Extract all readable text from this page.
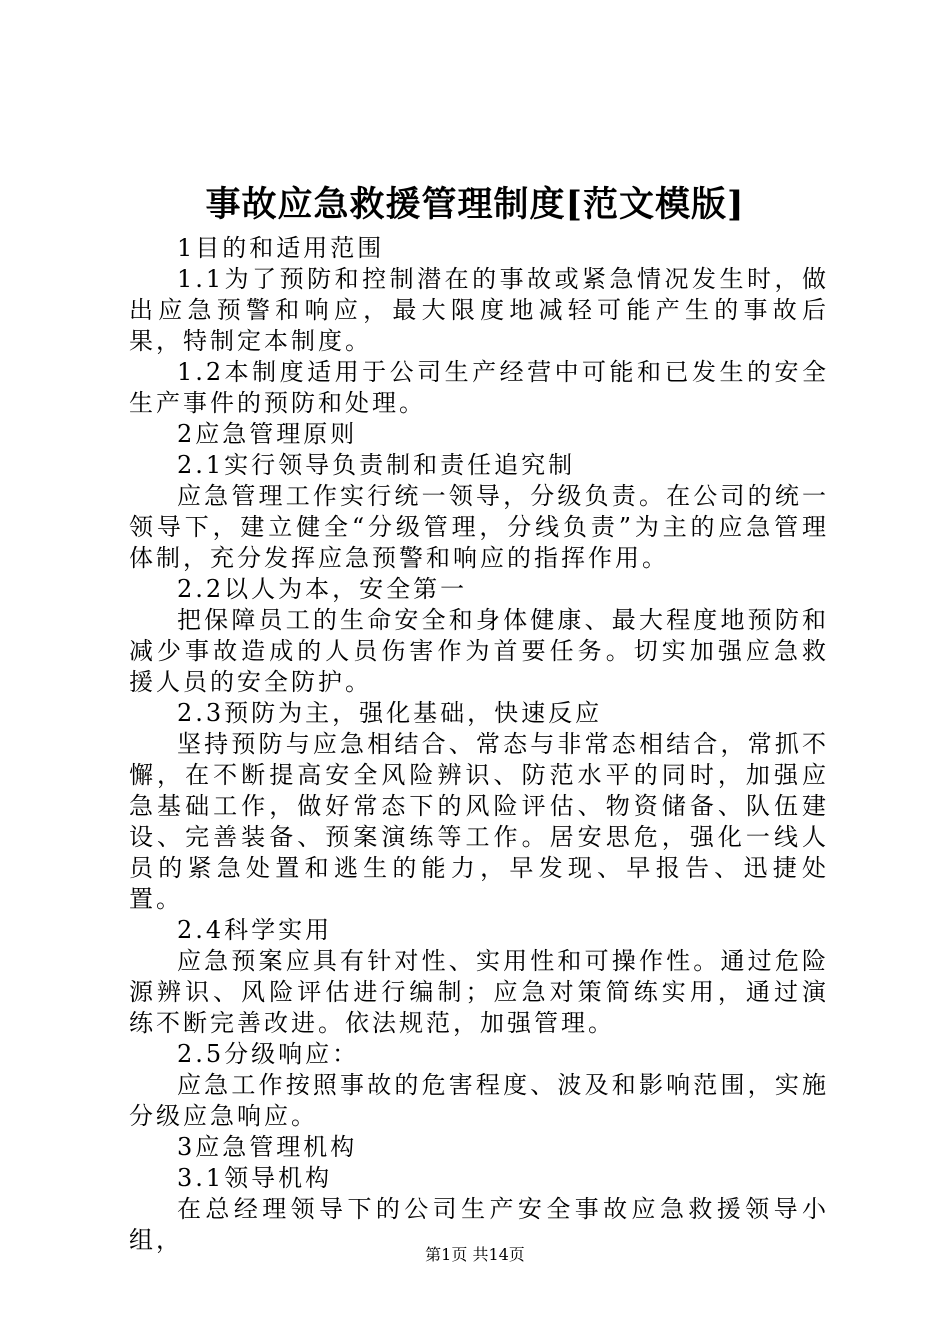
事故应急救援管理制度[范文模版]

1目的和适用范围

1.1为了预防和控制潜在的事故或紧急情况发生时，做出应急预警和响应，最大限度地减轻可能产生的事故后果，特制定本制度。

1.2本制度适用于公司生产经营中可能和已发生的安全生产事件的预防和处理。

2应急管理原则

2.1实行领导负责制和责任追究制

应急管理工作实行统一领导，分级负责。在公司的统一领导下，建立健全“分级管理，分线负责”为主的应急管理体制，充分发挥应急预警和响应的指挥作用。

2.2以人为本，安全第一

把保障员工的生命安全和身体健康、最大程度地预防和减少事故造成的人员伤害作为首要任务。切实加强应急救援人员的安全防护。

2.3预防为主，强化基础，快速反应

坚持预防与应急相结合、常态与非常态相结合，常抓不懈，在不断提高安全风险辨识、防范水平的同时，加强应急基础工作，做好常态下的风险评估、物资储备、队伍建设、完善装备、预案演练等工作。居安思危，强化一线人员的紧急处置和逃生的能力，早发现、早报告、迅捷处置。

2.4科学实用

应急预案应具有针对性、实用性和可操作性。通过危险源辨识、风险评估进行编制；应急对策简练实用，通过演练不断完善改进。依法规范，加强管理。

2.5分级响应：

应急工作按照事故的危害程度、波及和影响范围，实施分级应急响应。

3应急管理机构

3.1领导机构

在总经理领导下的公司生产安全事故应急救援领导小组，

第1页 共14页
